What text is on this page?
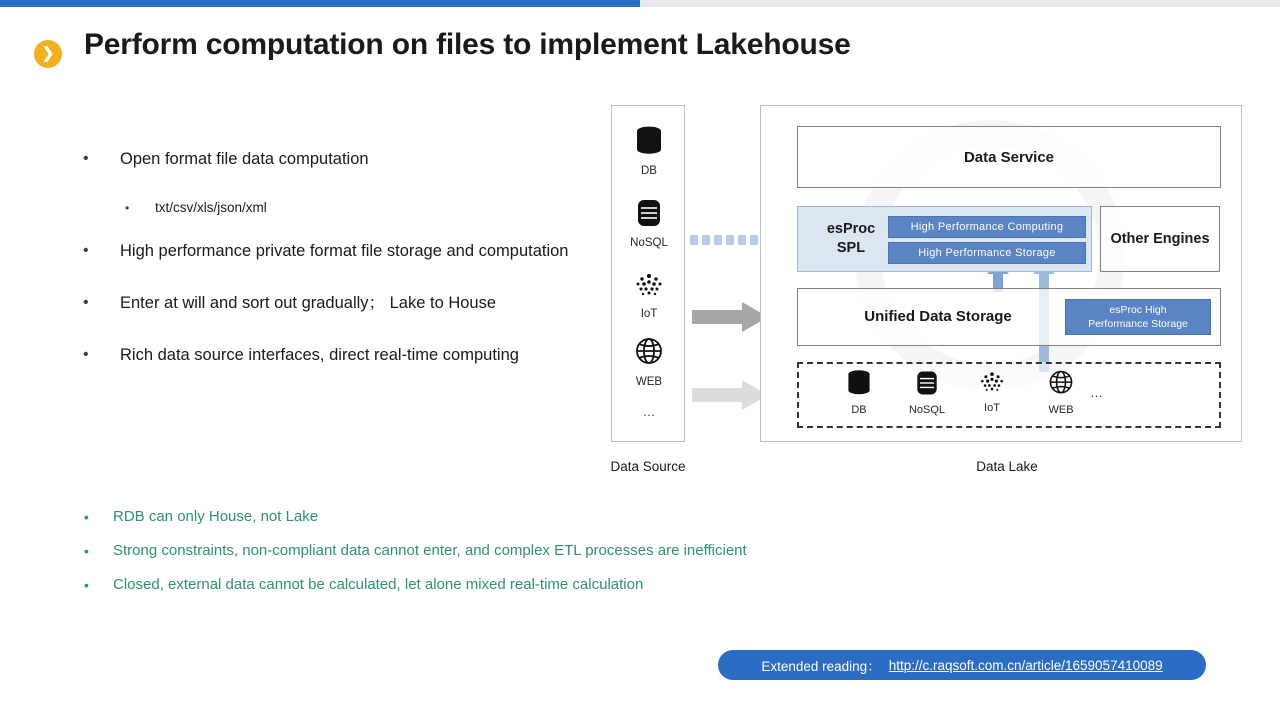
❯ Perform computation on files to implement Lakehouse
• Open format file data computation
• txt/csv/xls/json/xml
• High performance private format file storage and computation
• Enter at will and sort out gradually； Lake to House
• Rich data source interfaces, direct real-time computing
DB
NoSQL
IoT
WEB
…
Data Source
Data Service
esProc
SPL
High Performance Computing
High Performance Storage
Other Engines
Unified Data Storage	esProc High
Performance Storage
DB	NoSQL	IoT	WEB
…
Data Lake
• RDB can only House, not Lake
• Strong constraints, non-compliant data cannot enter, and complex ETL processes are inefficient
• Closed, external data cannot be calculated, let alone mixed real-time calculation
Extended reading： http://c.raqsoft.com.cn/article/1659057410089
